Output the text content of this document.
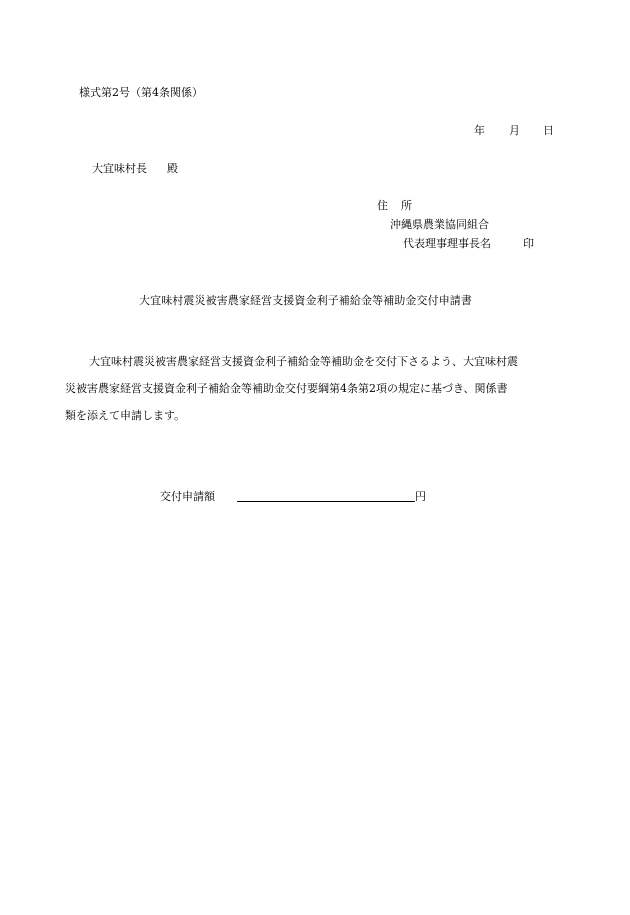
様式第2号（第4条関係）
年 月 日
大宜味村長 殿
住 所
沖縄県農業協同組合
代表理事理事長名	印
大宜味村震災被害農家経営支援資金利子補給金等補助金交付申請書

大宜味村震災被害農家経営支援資金利子補給金等補助金を交付下さるよう、大宜味村震
災被害農家経営支援資金利子補給金等補助金交付要綱第4条第2項の規定に基づき、関係書
類を添えて申請します。

交付申請額	円
